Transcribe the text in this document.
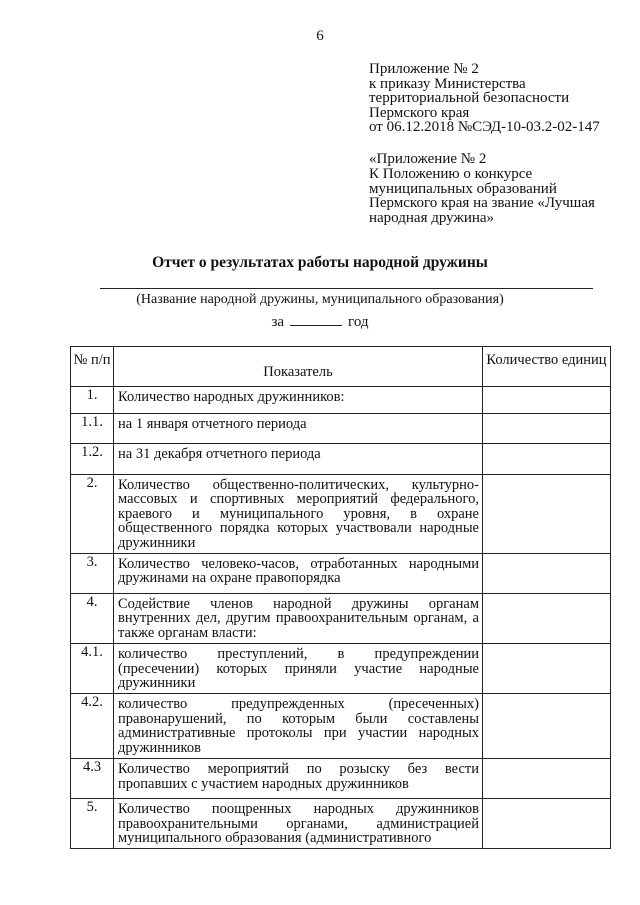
6
Приложение № 2
к приказу Министерства
территориальной безопасности
Пермского края
от 06.12.2018 №СЭД-10-03.2-02-147
«Приложение № 2
К Положению о конкурсе
муниципальных образований
Пермского края на звание «Лучшая
народная дружина»
Отчет о результатах работы народной дружины
(Название народной дружины, муниципального образования)
за	год
№ п/п	Показатель	Количество единиц
1.	Количество народных дружинников:	
1.1.	на 1 января отчетного периода	
1.2.	на 31 декабря отчетного периода	
2.	Количество общественно-политических, культурно-массовых и спортивных мероприятий федерального, краевого и муниципального уровня, в охране общественного порядка которых участвовали народные дружинники	
3.	Количество человеко-часов, отработанных народными дружинами на охране правопорядка	
4.	Содействие членов народной дружины органам внутренних дел, другим правоохранительным органам, а также органам власти:	
4.1.	количество преступлений, в предупреждении (пресечении) которых приняли участие народные дружинники	
4.2.	количество предупрежденных (пресеченных) правонарушений, по которым были составлены административные протоколы при участии народных дружинников	
4.3	Количество мероприятий по розыску без вести пропавших с участием народных дружинников	
5.	Количество поощренных народных дружинников правоохранительными органами, администрацией муниципального образования (административного	
